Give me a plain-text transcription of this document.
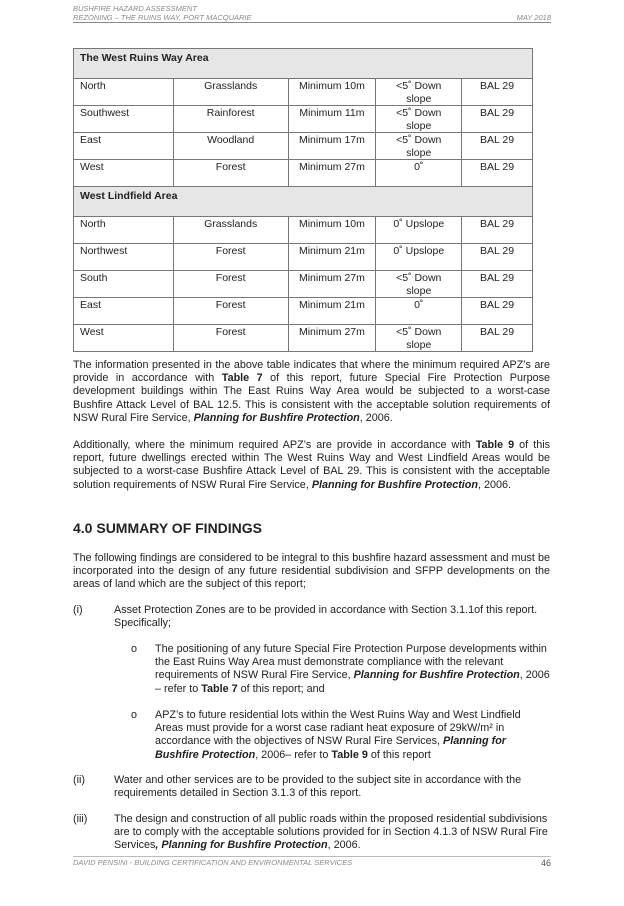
BUSHFIRE HAZARD ASSESSMENT
REZONING – THE RUINS WAY, PORT MACQUARIE	MAY 2018
The West Ruins Way Area				
North	Grasslands	Minimum 10m	<5˚ Down slope	BAL 29
Southwest	Rainforest	Minimum 11m	<5˚ Down slope	BAL 29
East	Woodland	Minimum 17m	<5˚ Down slope	BAL 29
West	Forest	Minimum 27m	0˚	BAL 29
West Lindfield Area				
North	Grasslands	Minimum 10m	0˚ Upslope	BAL 29
Northwest	Forest	Minimum 21m	0˚ Upslope	BAL 29
South	Forest	Minimum 27m	<5˚ Down slope	BAL 29
East	Forest	Minimum 21m	0˚	BAL 29
West	Forest	Minimum 27m	<5˚ Down slope	BAL 29
The information presented in the above table indicates that where the minimum required APZ’s are provide in accordance with Table 7 of this report, future Special Fire Protection Purpose development buildings within The East Ruins Way Area would be subjected to a worst-case Bushfire Attack Level of BAL 12.5. This is consistent with the acceptable solution requirements of NSW Rural Fire Service, Planning for Bushfire Protection, 2006.
Additionally, where the minimum required APZ’s are provide in accordance with Table 9 of this report, future dwellings erected within The West Ruins Way and West Lindfield Areas would be subjected to a worst-case Bushfire Attack Level of BAL 29. This is consistent with the acceptable solution requirements of NSW Rural Fire Service, Planning for Bushfire Protection, 2006.
4.0 SUMMARY OF FINDINGS
The following findings are considered to be integral to this bushfire hazard assessment and must be incorporated into the design of any future residential subdivision and SFPP developments on the areas of land which are the subject of this report;
(i)	Asset Protection Zones are to be provided in accordance with Section 3.1.1of this report. Specifically;
o The positioning of any future Special Fire Protection Purpose developments within the East Ruins Way Area must demonstrate compliance with the relevant requirements of NSW Rural Fire Service, Planning for Bushfire Protection, 2006 – refer to Table 7 of this report; and
o APZ’s to future residential lots within the West Ruins Way and West Lindfield Areas must provide for a worst case radiant heat exposure of 29kW/m² in accordance with the objectives of NSW Rural Fire Services, Planning for Bushfire Protection, 2006– refer to Table 9 of this report
(ii)	Water and other services are to be provided to the subject site in accordance with the requirements detailed in Section 3.1.3 of this report.
(iii) The design and construction of all public roads within the proposed residential subdivisions are to comply with the acceptable solutions provided for in Section 4.1.3 of NSW Rural Fire Services, Planning for Bushfire Protection, 2006.
DAVID PENSINI - BUILDING CERTIFICATION AND ENVIRONMENTAL SERVICES	46
